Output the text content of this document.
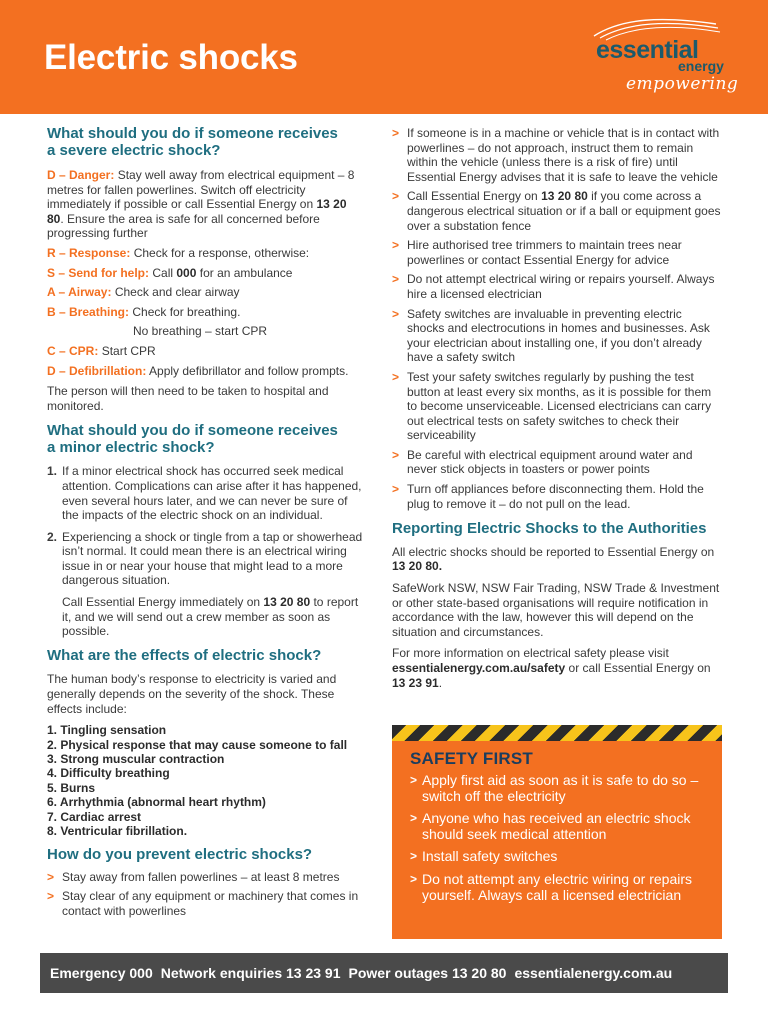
Electric shocks	essential
energy
empowering
What should you do if someone receives a severe electric shock?
D – Danger: Stay well away from electrical equipment – 8 metres for fallen powerlines. Switch off electricity immediately if possible or call Essential Energy on 13 20 80. Ensure the area is safe for all concerned before progressing further
R – Response: Check for a response, otherwise:
S – Send for help: Call 000 for an ambulance
A – Airway: Check and clear airway
B – Breathing: Check for breathing.
No breathing – start CPR
C – CPR: Start CPR
D – Defibrillation: Apply defibrillator and follow prompts.

The person will then need to be taken to hospital and monitored.

What should you do if someone receives a minor electric shock?
1. If a minor electrical shock has occurred seek medical attention. Complications can arise after it has happened, even several hours later, and we can never be sure of the impacts of the electric shock on an individual.
2. Experiencing a shock or tingle from a tap or showerhead isn’t normal. It could mean there is an electrical wiring issue in or near your house that might lead to a more dangerous situation.

Call Essential Energy immediately on 13 20 80 to report it, and we will send out a crew member as soon as possible.

What are the effects of electric shock?

The human body’s response to electricity is varied and generally depends on the severity of the shock. These effects include:

1. Tingling sensation
2. Physical response that may cause someone to fall
3. Strong muscular contraction
4. Difficulty breathing
5. Burns
6. Arrhythmia (abnormal heart rhythm)
7. Cardiac arrest
8. Ventricular fibrillation.
How do you prevent electric shocks?
> Stay away from fallen powerlines – at least 8 metres
> Stay clear of any equipment or machinery that comes in contact with powerlines
> If someone is in a machine or vehicle that is in contact with powerlines – do not approach, instruct them to remain within the vehicle (unless there is a risk of fire) until Essential Energy advises that it is safe to leave the vehicle
> Call Essential Energy on 13 20 80 if you come across a dangerous electrical situation or if a ball or equipment goes over a substation fence
> Hire authorised tree trimmers to maintain trees near powerlines or contact Essential Energy for advice
> Do not attempt electrical wiring or repairs yourself. Always hire a licensed electrician
> Safety switches are invaluable in preventing electric shocks and electrocutions in homes and businesses. Ask your electrician about installing one, if you don’t already have a safety switch
> Test your safety switches regularly by pushing the test button at least every six months, as it is possible for them to become unserviceable. Licensed electricians can carry out electrical tests on safety switches to check their serviceability
> Be careful with electrical equipment around water and never stick objects in toasters or power points
> Turn off appliances before disconnecting them. Hold the plug to remove it – do not pull on the lead.
Reporting Electric Shocks to the Authorities

All electric shocks should be reported to Essential Energy on 13 20 80.

SafeWork NSW, NSW Fair Trading, NSW Trade & Investment or other state-based organisations will require notification in accordance with the law, however this will depend on the situation and circumstances.

For more information on electrical safety please visit essentialenergy.com.au/safety or call Essential Energy on 13 23 91.

SAFETY FIRST
> Apply first aid as soon as it is safe to do so – switch off the electricity
> Anyone who has received an electric shock should seek medical attention
> Install safety switches
> Do not attempt any electric wiring or repairs yourself. Always call a licensed electrician
Emergency 000 Network enquiries 13 23 91 Power outages 13 20 80 essentialenergy.com.au
